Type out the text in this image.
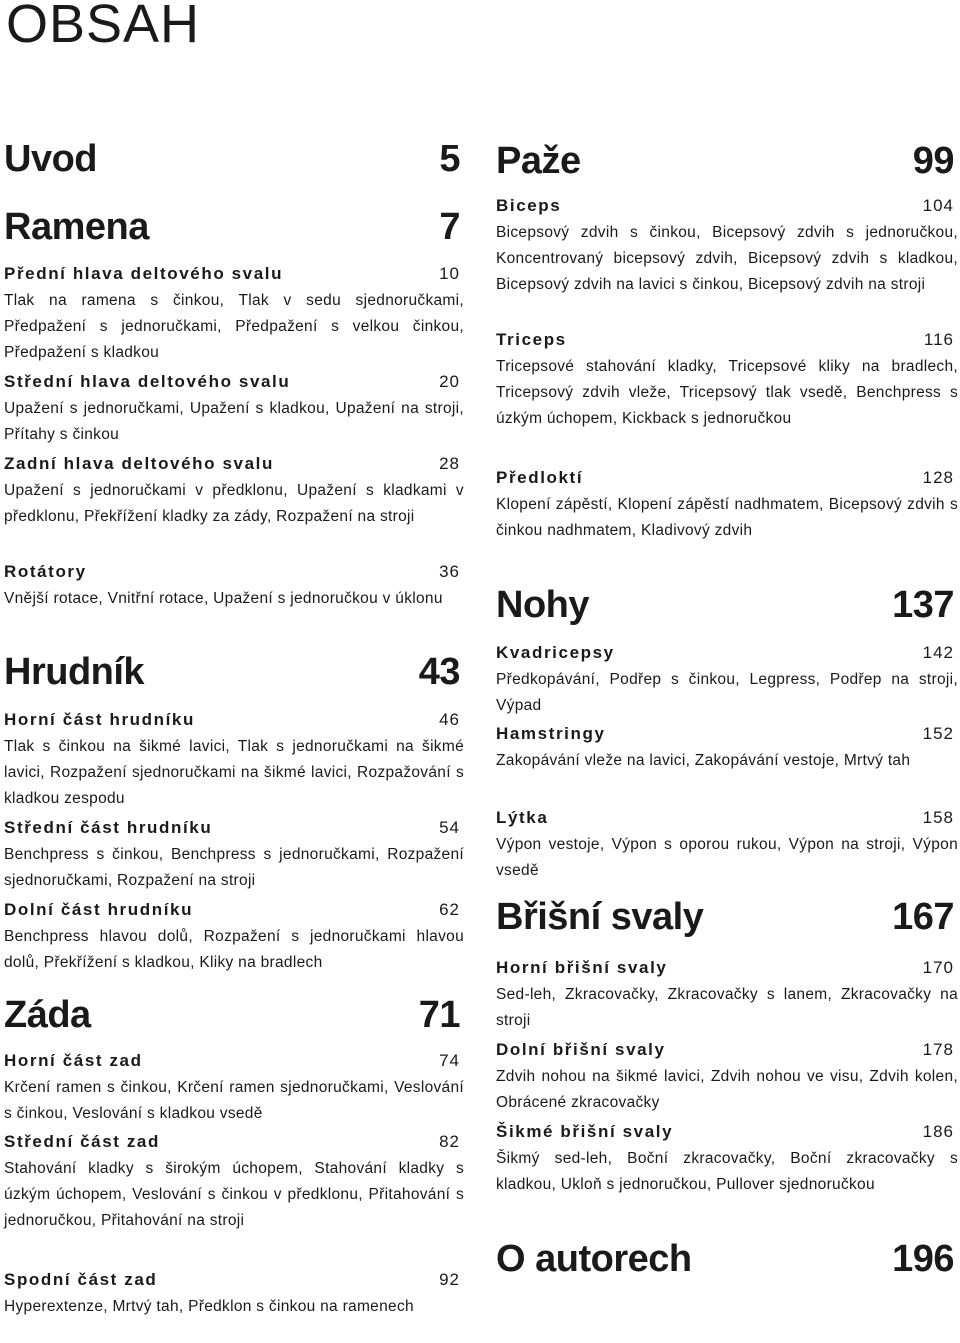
OBSAH
Uvod	5
Ramena	7
Přední hlava deltového svalu	10
Tlak na ramena s činkou, Tlak v sedu sjednoručkami, Předpažení s jednoručkami, Předpažení s velkou činkou, Předpažení s kladkou
Střední hlava deltového svalu	20
Upažení s jednoručkami, Upažení s kladkou, Upažení na stroji, Přítahy s činkou
Zadní hlava deltového svalu	28
Upažení s jednoručkami v předklonu, Upažení s kladkami v předklonu, Překřížení kladky za zády, Rozpažení na stroji
Rotátory	36
Vnější rotace, Vnitřní rotace, Upažení s jednoručkou v úklonu
Hrudník	43
Horní část hrudníku	46
Tlak s činkou na šikmé lavici, Tlak s jednoručkami na šikmé lavici, Rozpažení sjednoručkami na šikmé lavici, Rozpažování s kladkou zespodu
Střední část hrudníku	54
Benchpress s činkou, Benchpress s jednoručkami, Rozpažení sjednoručkami, Rozpažení na stroji
Dolní část hrudníku	62
Benchpress hlavou dolů, Rozpažení s jednoručkami hlavou dolů, Překřížení s kladkou, Kliky na bradlech
Záda	71
Horní část zad	74
Krčení ramen s činkou, Krčení ramen sjednoručkami, Veslování s činkou, Veslování s kladkou vsedě
Střední část zad	82
Stahování kladky s širokým úchopem, Stahování kladky s úzkým úchopem, Veslování s činkou v předklonu, Přitahování s jednoručkou, Přitahování na stroji
Spodní část zad	92
Hyperextenze, Mrtvý tah, Předklon s činkou na ramenech
Paže	99
Biceps	104
Bicepsový zdvih s činkou, Bicepsový zdvih s jednoručkou, Koncentrovaný bicepsový zdvih, Bicepsový zdvih s kladkou, Bicepsový zdvih na lavici s činkou, Bicepsový zdvih na stroji
Triceps	116
Tricepsové stahování kladky, Tricepsové kliky na bradlech, Tricepsový zdvih vleže, Tricepsový tlak vsedě, Benchpress s úzkým úchopem, Kickback s jednoručkou
Předloktí	128
Klopení zápěstí, Klopení zápěstí nadhmatem, Bicepsový zdvih s činkou nadhmatem, Kladivový zdvih
Nohy	137
Kvadricepsy	142
Předkopávání, Podřep s činkou, Legpress, Podřep na stroji, Výpad
Hamstringy	152
Zakopávání vleže na lavici, Zakopávání vestoje, Mrtvý tah
Lýtka	158
Výpon vestoje, Výpon s oporou rukou, Výpon na stroji, Výpon vsedě
Břišní svaly	167
Horní břišní svaly	170
Sed-leh, Zkracovačky, Zkracovačky s lanem, Zkracovačky na stroji
Dolní břišní svaly	178
Zdvih nohou na šikmé lavici, Zdvih nohou ve visu, Zdvih kolen, Obrácené zkracovačky
Šikmé břišní svaly	186
Šikmý sed-leh, Boční zkracovačky, Boční zkracovačky s kladkou, Ukloň s jednoručkou, Pullover sjednoručkou
O autorech	196
